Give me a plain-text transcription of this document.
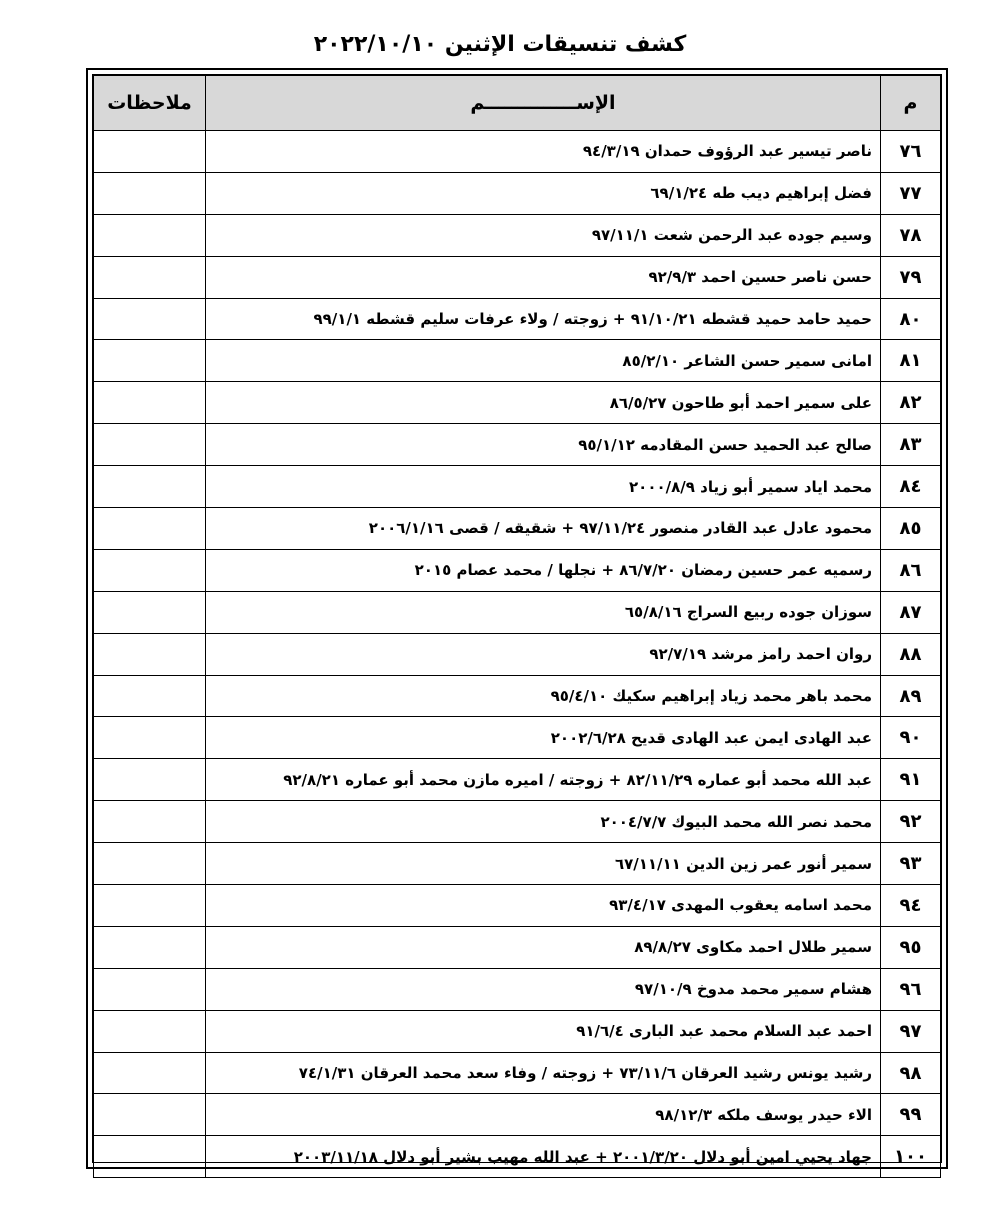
كشف تنسيقات الإثنين ٢٠٢٢/١٠/١٠
م	الإســــــــــــــم	ملاحظات
٧٦	ناصر تيسير عبد الرؤوف حمدان ٩٤/٣/١٩	
٧٧	فضل إبراهيم ديب طه ٦٩/١/٢٤	
٧٨	وسيم جوده عبد الرحمن شعت ٩٧/١١/١	
٧٩	حسن ناصر حسين احمد ٩٢/٩/٣	
٨٠	حميد حامد حميد قشطه ٩١/١٠/٢١ + زوجته / ولاء عرفات سليم قشطه ٩٩/١/١	
٨١	امانى سمير حسن الشاعر ٨٥/٢/١٠	
٨٢	على سمير احمد أبو طاحون ٨٦/٥/٢٧	
٨٣	صالح عبد الحميد حسن المقادمه ٩٥/١/١٢	
٨٤	محمد اياد سمير أبو زياد ٢٠٠٠/٨/٩	
٨٥	محمود عادل عبد القادر منصور ٩٧/١١/٢٤ + شقيقه / قصى ٢٠٠٦/١/١٦	
٨٦	رسميه عمر حسين رمضان ٨٦/٧/٢٠ + نجلها / محمد عصام ٢٠١٥	
٨٧	سوزان جوده ربيع السراج ٦٥/٨/١٦	
٨٨	روان احمد رامز مرشد ٩٢/٧/١٩	
٨٩	محمد باهر محمد زياد إبراهيم سكيك ٩٥/٤/١٠	
٩٠	عبد الهادى ايمن عبد الهادى قديح ٢٠٠٢/٦/٢٨	
٩١	عبد الله محمد أبو عماره ٨٢/١١/٢٩ + زوجته / اميره مازن محمد أبو عماره ٩٢/٨/٢١	
٩٢	محمد نصر الله محمد البيوك ٢٠٠٤/٧/٧	
٩٣	سمير أنور عمر زين الدين ٦٧/١١/١١	
٩٤	محمد اسامه يعقوب المهدى ٩٣/٤/١٧	
٩٥	سمير طلال احمد مكاوى ٨٩/٨/٢٧	
٩٦	هشام سمير محمد مدوخ ٩٧/١٠/٩	
٩٧	احمد عبد السلام محمد عبد البارى ٩١/٦/٤	
٩٨	رشيد يونس رشيد العرقان ٧٣/١١/٦ + زوجته / وفاء سعد محمد العرقان ٧٤/١/٣١	
٩٩	الاء حيدر يوسف ملكه ٩٨/١٢/٣	
١٠٠	جهاد يحيي امين أبو دلال ٢٠٠١/٣/٢٠ + عبد الله مهيب بشير أبو دلال ٢٠٠٣/١١/١٨	
